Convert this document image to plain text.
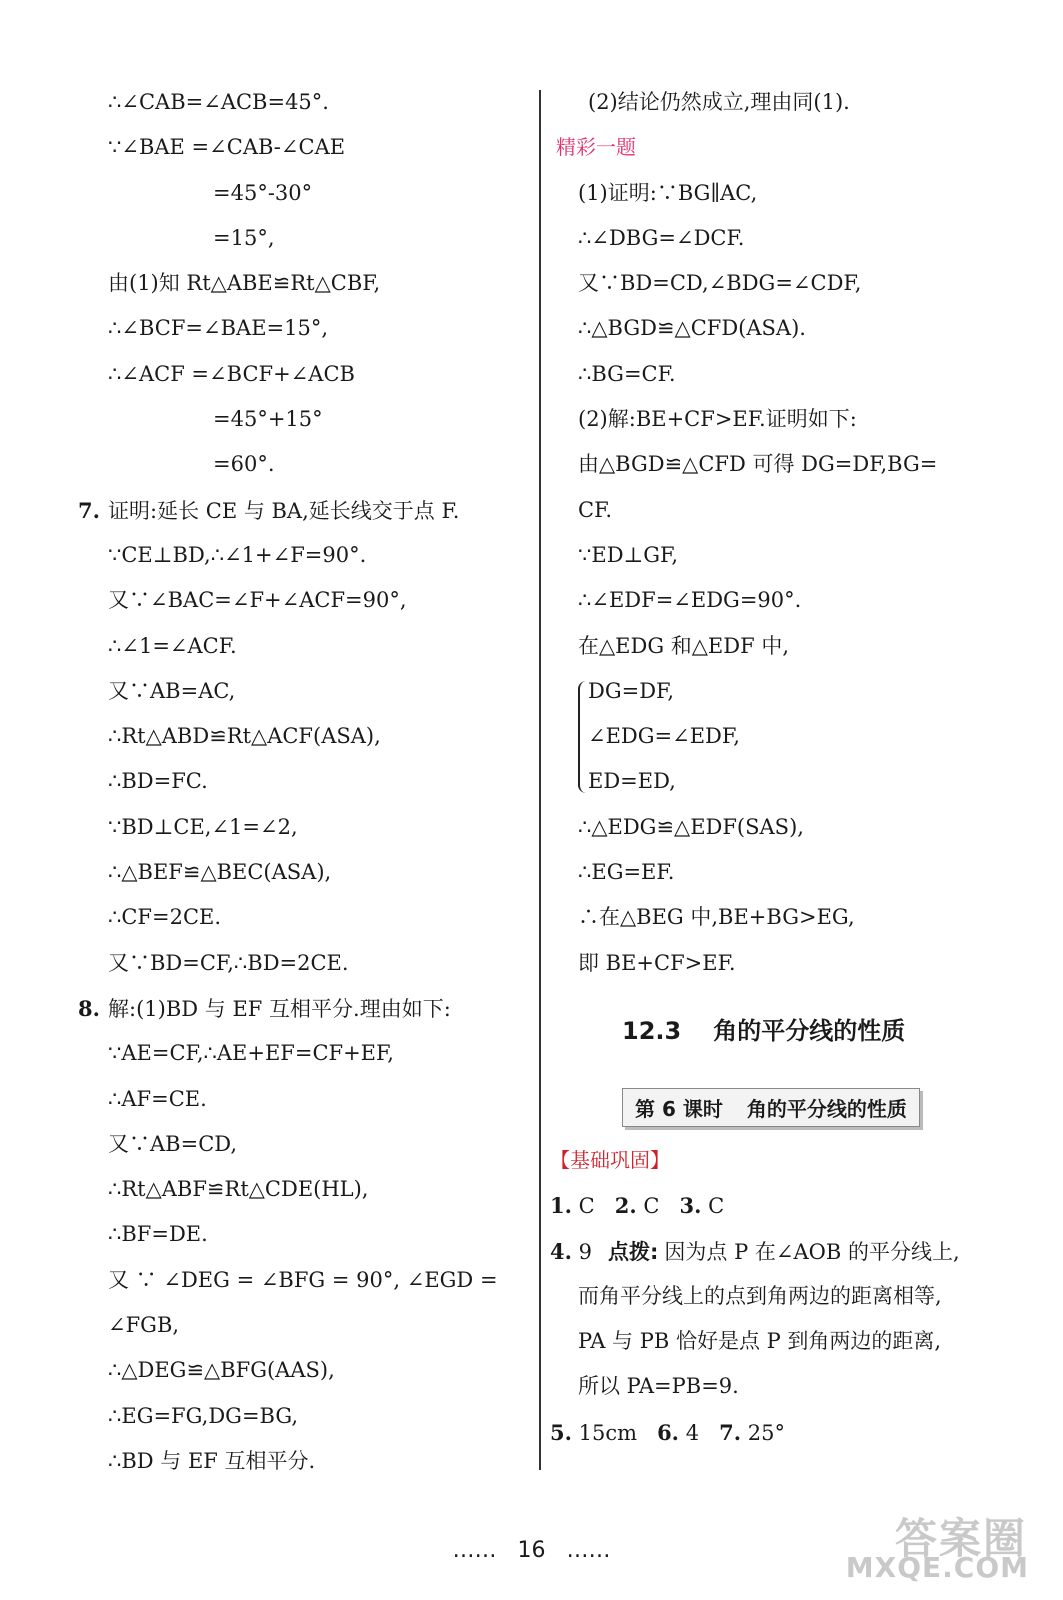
∴∠CAB=∠ACB=45°.
∵∠BAE =∠CAB-∠CAE
=45°-30°
=15°,
由(1)知 Rt△ABE≌Rt△CBF,
∴∠BCF=∠BAE=15°,
∴∠ACF =∠BCF+∠ACB
=45°+15°
=60°.
7. 证明:延长 CE 与 BA,延长线交于点 F.
∵CE⊥BD,∴∠1+∠F=90°.
又∵∠BAC=∠F+∠ACF=90°,
∴∠1=∠ACF.
又∵AB=AC,
∴Rt△ABD≌Rt△ACF(ASA),
∴BD=FC.
∵BD⊥CE,∠1=∠2,
∴△BEF≌△BEC(ASA),
∴CF=2CE.
又∵BD=CF,∴BD=2CE.
8. 解:(1)BD 与 EF 互相平分.理由如下:
∵AE=CF,∴AE+EF=CF+EF,
∴AF=CE.
又∵AB=CD,
∴Rt△ABF≌Rt△CDE(HL),
∴BF=DE.
又 ∵ ∠DEG = ∠BFG = 90°, ∠EGD =
∠FGB,
∴△DEG≌△BFG(AAS),
∴EG=FG,DG=BG,
∴BD 与 EF 互相平分.
(2)结论仍然成立,理由同(1).
精彩一题
(1)证明:∵BG∥AC,
∴∠DBG=∠DCF.
又∵BD=CD,∠BDG=∠CDF,
∴△BGD≌△CFD(ASA).
∴BG=CF.
(2)解:BE+CF>EF.证明如下:
由△BGD≌△CFD 可得 DG=DF,BG=
CF.
∵ED⊥GF,
∴∠EDF=∠EDG=90°.
在△EDG 和△EDF 中,
DG=DF,
∠EDG=∠EDF,
ED=ED,
∴△EDG≌△EDF(SAS),
∴EG=EF.
∴在△BEG 中,BE+BG>EG,
即 BE+CF>EF.
12.3 角的平分线的性质
第 6 课时 角的平分线的性质
【基础巩固】
1. C 2. C 3. C
4. 9 点拨: 因为点 P 在∠AOB 的平分线上,
而角平分线上的点到角两边的距离相等,
PA 与 PB 恰好是点 P 到角两边的距离,
所以 PA=PB=9.
5. 15cm 6. 4 7. 25°
…… 16 ……	答案圈
MXQE.COM
